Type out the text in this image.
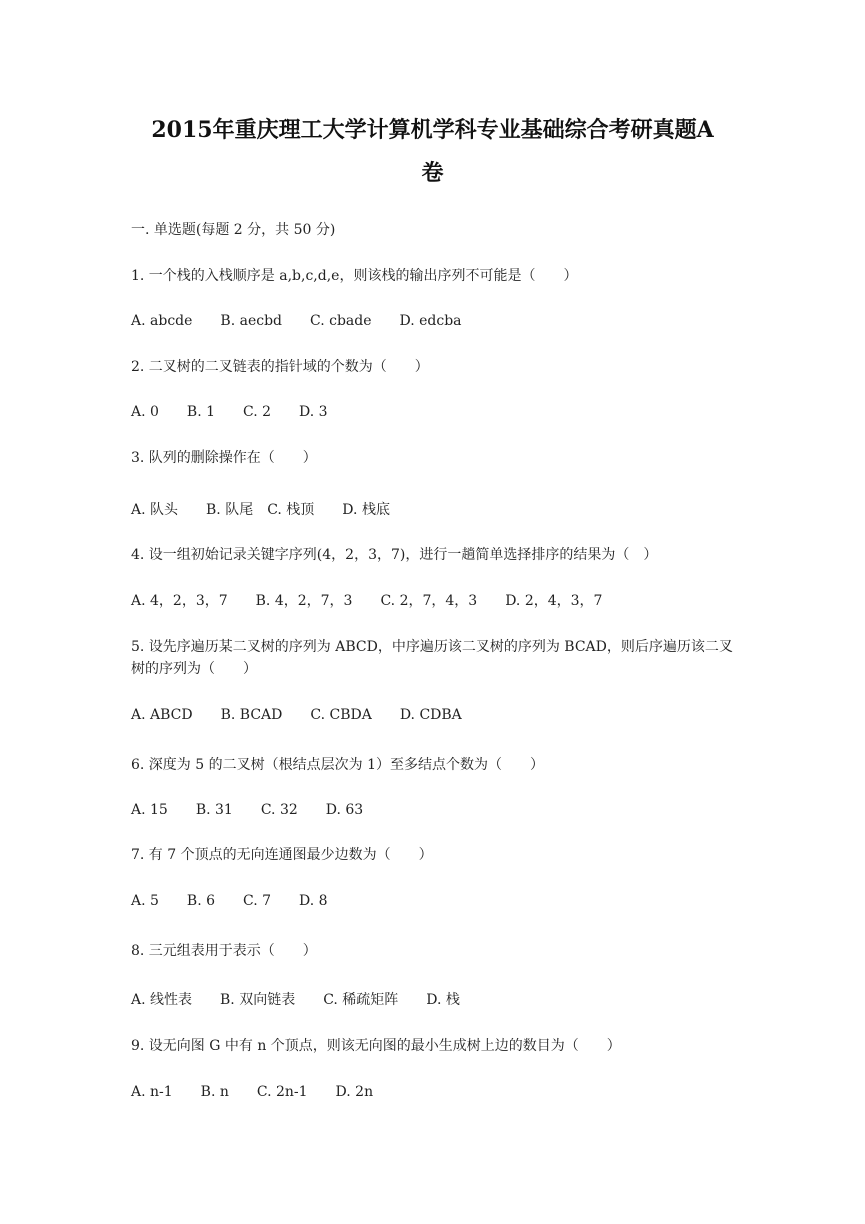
2015年重庆理工大学计算机学科专业基础综合考研真题A
卷
一. 单选题(每题 2 分，共 50 分)
1. 一个栈的入栈顺序是 a,b,c,d,e，则该栈的输出序列不可能是（　　）
A. abcde　　B. aecbd　　C. cbade　　D. edcba
2. 二叉树的二叉链表的指针域的个数为（　　）
A. 0　　B. 1　　C. 2　　D. 3
3. 队列的删除操作在（　　）
A. 队头　　B. 队尾　C. 栈顶　　D. 栈底
4. 设一组初始记录关键字序列(4，2，3，7)，进行一趟简单选择排序的结果为（　）
A. 4，2，3，7　　B. 4，2，7，3　　C. 2，7，4，3　　D. 2，4，3，7
5. 设先序遍历某二叉树的序列为 ABCD，中序遍历该二叉树的序列为 BCAD，则后序遍历该二叉树的序列为（　　）
A. ABCD　　B. BCAD　　C. CBDA　　D. CDBA
6. 深度为 5 的二叉树（根结点层次为 1）至多结点个数为（　　）
A. 15　　B. 31　　C. 32　　D. 63
7. 有 7 个顶点的无向连通图最少边数为（　　）
A. 5　　B. 6　　C. 7　　D. 8
8. 三元组表用于表示（　　）
A. 线性表　　B. 双向链表　　C. 稀疏矩阵　　D. 栈
9. 设无向图 G 中有 n 个顶点，则该无向图的最小生成树上边的数目为（　　）
A. n-1　　B. n　　C. 2n-1　　D. 2n
